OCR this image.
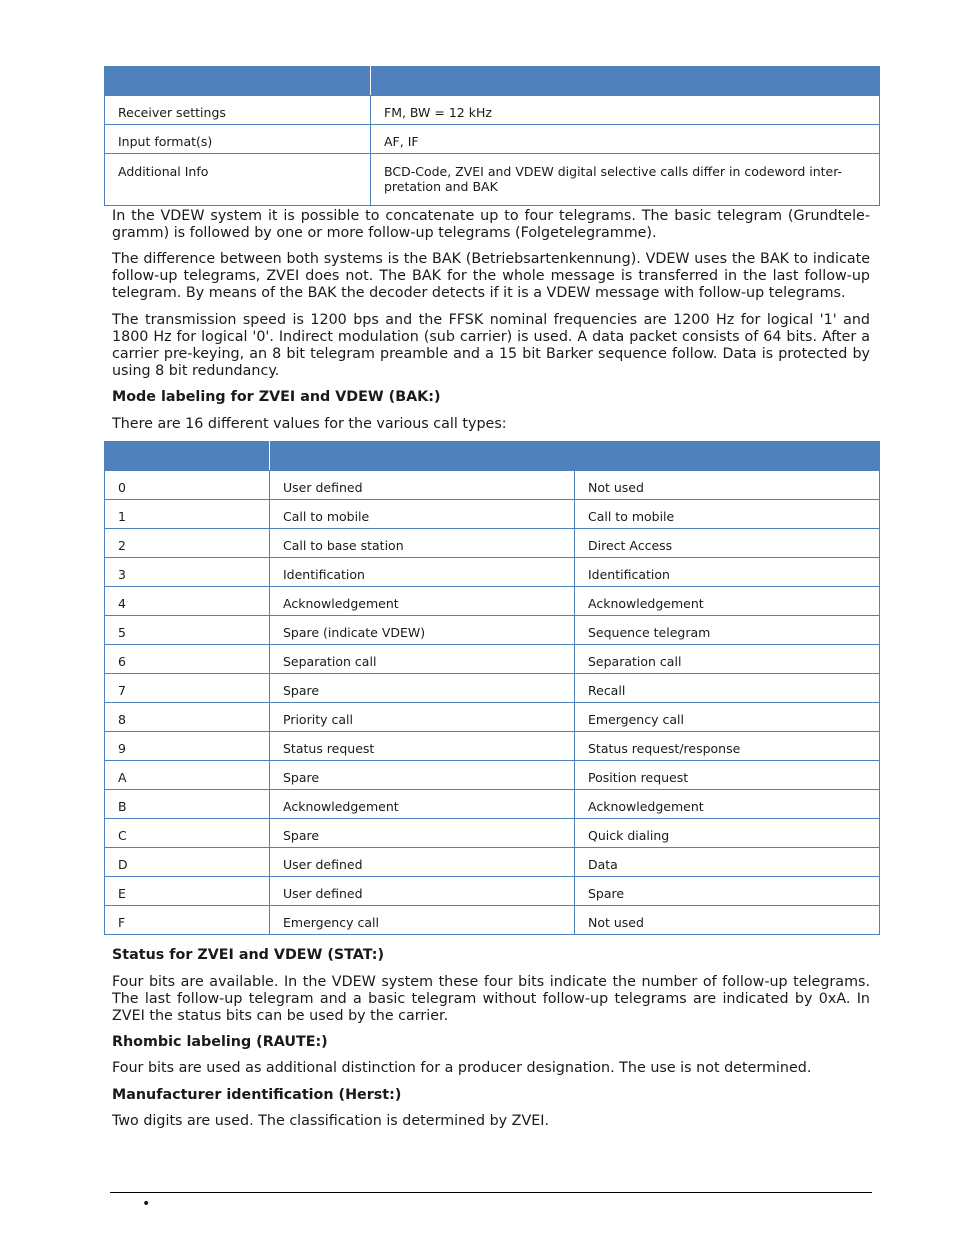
Receiver settings	FM, BW = 12 kHz
Input format(s)	AF, IF
Additional Info	BCD-Code, ZVEI and VDEW digital selective calls differ in codeword inter-pretation and BAK

In the VDEW system it is possible to concatenate up to four telegrams. The basic telegram (Grundtele-gramm) is followed by one or more follow-up telegrams (Folgetelegramme).

The difference between both systems is the BAK (Betriebsartenkennung). VDEW uses the BAK to indicate follow-up telegrams, ZVEI does not. The BAK for the whole message is transferred in the last follow-up telegram. By means of the BAK the decoder detects if it is a VDEW message with follow-up telegrams.

The transmission speed is 1200 bps and the FFSK nominal frequencies are 1200 Hz for logical '1' and 1800 Hz for logical '0'. Indirect modulation (sub carrier) is used. A data packet consists of 64 bits. After a carrier pre-keying, an 8 bit telegram preamble and a 15 bit Barker sequence follow. Data is protected by using 8 bit redundancy.

Mode labeling for ZVEI and VDEW (BAK:)

There are 16 different values for the various call types:

0	User defined	Not used
1	Call to mobile	Call to mobile
2	Call to base station	Direct Access
3	Identification	Identification
4	Acknowledgement	Acknowledgement
5	Spare (indicate VDEW)	Sequence telegram
6	Separation call	Separation call
7	Spare	Recall
8	Priority call	Emergency call
9	Status request	Status request/response
A	Spare	Position request
B	Acknowledgement	Acknowledgement
C	Spare	Quick dialing
D	User defined	Data
E	User defined	Spare
F	Emergency call	Not used

Status for ZVEI and VDEW (STAT:)

Four bits are available. In the VDEW system these four bits indicate the number of follow-up telegrams. The last follow-up telegram and a basic telegram without follow-up telegrams are indicated by 0xA. In ZVEI the status bits can be used by the carrier.

Rhombic labeling (RAUTE:)

Four bits are used as additional distinction for a producer designation. The use is not determined.

Manufacturer identification (Herst:)

Two digits are used. The classification is determined by ZVEI.

•
